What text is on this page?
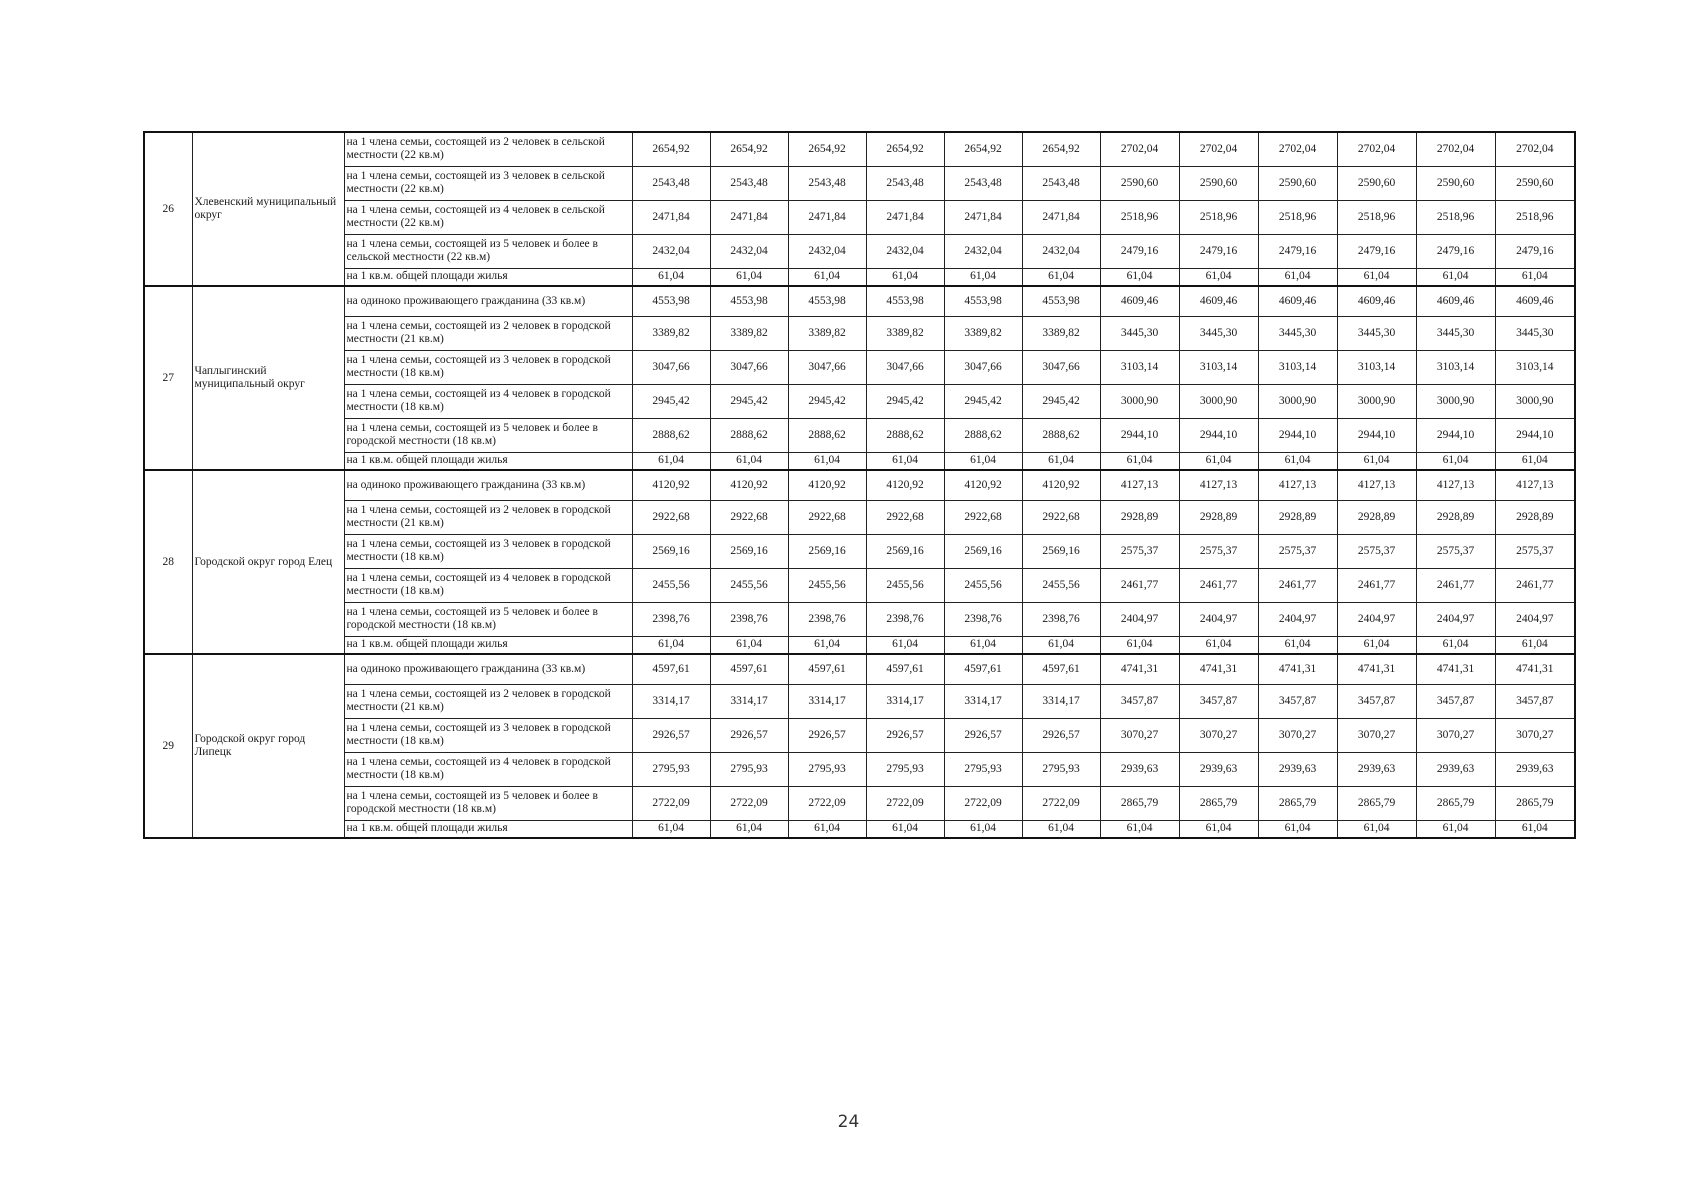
26	Хлевенский муниципальный округ	на 1 члена семьи, состоящей из 2 человек в сельской местности (22 кв.м)	2654,92	2654,92	2654,92	2654,92	2654,92	2654,92	2702,04	2702,04	2702,04	2702,04	2702,04	2702,04
		на 1 члена семьи, состоящей из 3 человек в сельской местности (22 кв.м)	2543,48	2543,48	2543,48	2543,48	2543,48	2543,48	2590,60	2590,60	2590,60	2590,60	2590,60	2590,60
		на 1 члена семьи, состоящей из 4 человек в сельской местности (22 кв.м)	2471,84	2471,84	2471,84	2471,84	2471,84	2471,84	2518,96	2518,96	2518,96	2518,96	2518,96	2518,96
		на 1 члена семьи, состоящей из 5 человек и более в сельской местности (22 кв.м)	2432,04	2432,04	2432,04	2432,04	2432,04	2432,04	2479,16	2479,16	2479,16	2479,16	2479,16	2479,16
		на 1 кв.м. общей площади жилья	61,04	61,04	61,04	61,04	61,04	61,04	61,04	61,04	61,04	61,04	61,04	61,04
27	Чаплыгинский муниципальный округ	на одиноко проживающего гражданина (33 кв.м)	4553,98	4553,98	4553,98	4553,98	4553,98	4553,98	4609,46	4609,46	4609,46	4609,46	4609,46	4609,46
		на 1 члена семьи, состоящей из 2 человек в городской местности (21 кв.м)	3389,82	3389,82	3389,82	3389,82	3389,82	3389,82	3445,30	3445,30	3445,30	3445,30	3445,30	3445,30
		на 1 члена семьи, состоящей из 3 человек в городской местности (18 кв.м)	3047,66	3047,66	3047,66	3047,66	3047,66	3047,66	3103,14	3103,14	3103,14	3103,14	3103,14	3103,14
		на 1 члена семьи, состоящей из 4 человек в городской местности (18 кв.м)	2945,42	2945,42	2945,42	2945,42	2945,42	2945,42	3000,90	3000,90	3000,90	3000,90	3000,90	3000,90
		на 1 члена семьи, состоящей из 5 человек и более в городской местности (18 кв.м)	2888,62	2888,62	2888,62	2888,62	2888,62	2888,62	2944,10	2944,10	2944,10	2944,10	2944,10	2944,10
		на 1 кв.м. общей площади жилья	61,04	61,04	61,04	61,04	61,04	61,04	61,04	61,04	61,04	61,04	61,04	61,04
28	Городской округ город Елец	на одиноко проживающего гражданина (33 кв.м)	4120,92	4120,92	4120,92	4120,92	4120,92	4120,92	4127,13	4127,13	4127,13	4127,13	4127,13	4127,13
		на 1 члена семьи, состоящей из 2 человек в городской местности (21 кв.м)	2922,68	2922,68	2922,68	2922,68	2922,68	2922,68	2928,89	2928,89	2928,89	2928,89	2928,89	2928,89
		на 1 члена семьи, состоящей из 3 человек в городской местности (18 кв.м)	2569,16	2569,16	2569,16	2569,16	2569,16	2569,16	2575,37	2575,37	2575,37	2575,37	2575,37	2575,37
		на 1 члена семьи, состоящей из 4 человек в городской местности (18 кв.м)	2455,56	2455,56	2455,56	2455,56	2455,56	2455,56	2461,77	2461,77	2461,77	2461,77	2461,77	2461,77
		на 1 члена семьи, состоящей из 5 человек и более в городской местности (18 кв.м)	2398,76	2398,76	2398,76	2398,76	2398,76	2398,76	2404,97	2404,97	2404,97	2404,97	2404,97	2404,97
		на 1 кв.м. общей площади жилья	61,04	61,04	61,04	61,04	61,04	61,04	61,04	61,04	61,04	61,04	61,04	61,04
29	Городской округ город Липецк	на одиноко проживающего гражданина (33 кв.м)	4597,61	4597,61	4597,61	4597,61	4597,61	4597,61	4741,31	4741,31	4741,31	4741,31	4741,31	4741,31
		на 1 члена семьи, состоящей из 2 человек в городской местности (21 кв.м)	3314,17	3314,17	3314,17	3314,17	3314,17	3314,17	3457,87	3457,87	3457,87	3457,87	3457,87	3457,87
		на 1 члена семьи, состоящей из 3 человек в городской местности (18 кв.м)	2926,57	2926,57	2926,57	2926,57	2926,57	2926,57	3070,27	3070,27	3070,27	3070,27	3070,27	3070,27
		на 1 члена семьи, состоящей из 4 человек в городской местности (18 кв.м)	2795,93	2795,93	2795,93	2795,93	2795,93	2795,93	2939,63	2939,63	2939,63	2939,63	2939,63	2939,63
		на 1 члена семьи, состоящей из 5 человек и более в городской местности (18 кв.м)	2722,09	2722,09	2722,09	2722,09	2722,09	2722,09	2865,79	2865,79	2865,79	2865,79	2865,79	2865,79
		на 1 кв.м. общей площади жилья	61,04	61,04	61,04	61,04	61,04	61,04	61,04	61,04	61,04	61,04	61,04	61,04
24
